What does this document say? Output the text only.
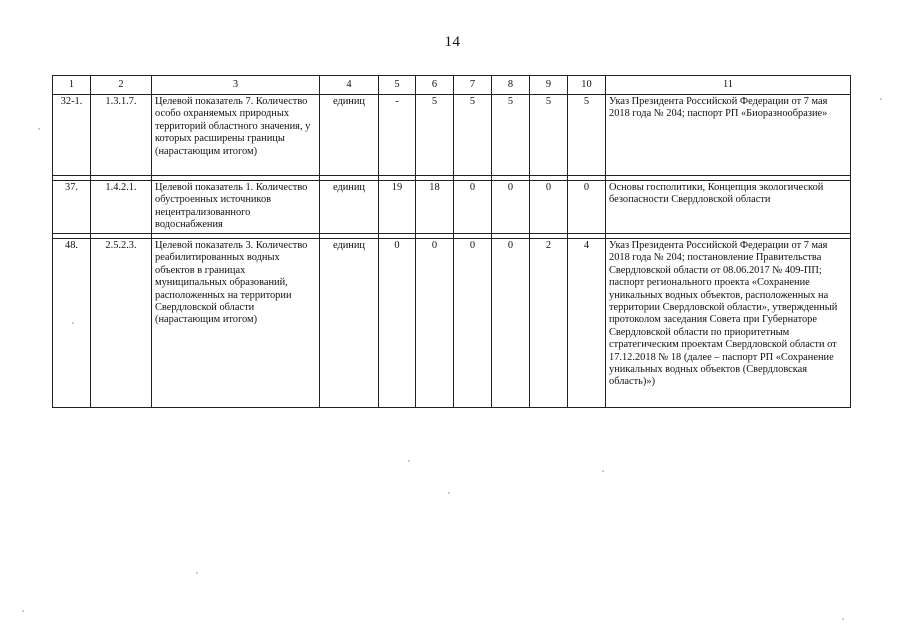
14
1	2	3	4	5	6	7	8	9	10	11
32-1.	1.3.1.7.	Целевой показатель 7. Количество особо охраняемых природных территорий областного значения, у которых расширены границы (нарастающим итогом)	единиц	-	5	5	5	5	5	Указ Президента Российской Федерации от 7 мая 2018 года № 204; паспорт РП «Биоразнообразие»

37.	1.4.2.1.	Целевой показатель 1. Количество обустроенных источников нецентрализованного водоснабжения	единиц	19	18	0	0	0	0	Основы госполитики, Концепция экологической безопасности Свердловской области

48.	2.5.2.3.	Целевой показатель 3. Количество реабилитированных водных объектов в границах муниципальных образований, расположенных на территории Свердловской области (нарастающим итогом)	единиц	0	0	0	0	2	4	Указ Президента Российской Федерации от 7 мая 2018 года № 204; постановление Правительства Свердловской области от 08.06.2017 № 409-ПП; паспорт регионального проекта «Сохранение уникальных водных объектов, расположенных на территории Свердловской области», утвержденный протоколом заседания Совета при Губернаторе Свердловской области по приоритетным стратегическим проектам Свердловской области от 17.12.2018 № 18 (далее – паспорт РП «Сохранение уникальных водных объектов (Свердловская область)»)
